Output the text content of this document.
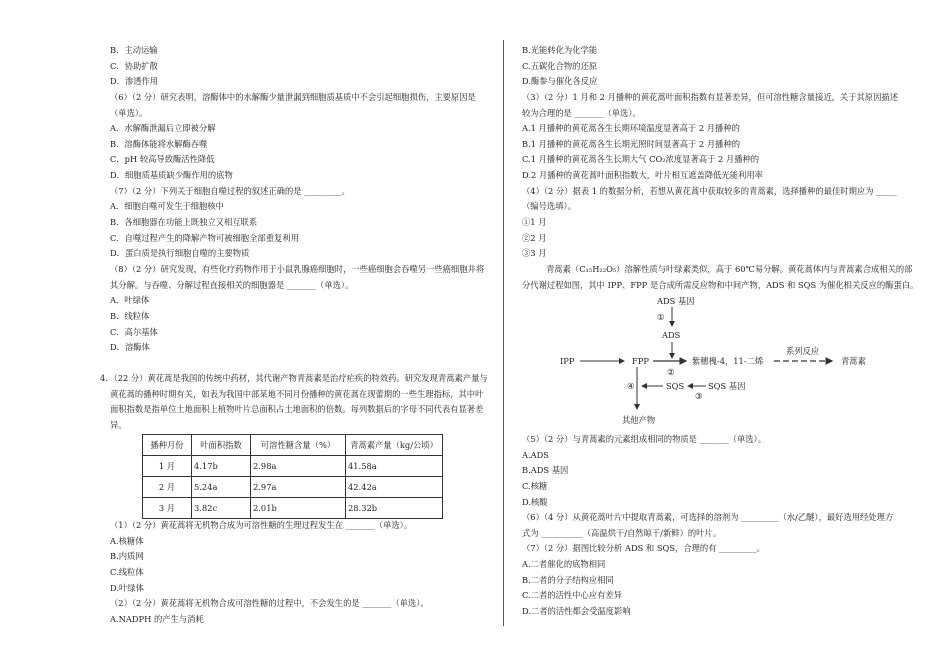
B．主动运输
C．协助扩散
D．渗透作用
（6）（2 分）研究表明，溶酶体中的水解酶少量泄漏到细胞质基质中不会引起细胞损伤，主要原因是
（单选）。
A．水解酶泄漏后立即被分解
B．溶酶体能将水解酶吞噬
C．pH 较高导致酶活性降低
D．细胞质基质缺少酶作用的底物
（7）（2 分）下列关于细胞自噬过程的叙述正确的是 _________。
A．细胞自噬可发生于细胞核中
B．各细胞器在功能上既独立又相互联系
C．自噬过程产生的降解产物可被细胞全部重复利用
D．蛋白质是执行细胞自噬的主要物质
（8）（2 分）研究发现，有些化疗药物作用于小鼠乳腺癌细胞时，一些癌细胞会吞噬另一些癌细胞并将
其分解。与吞噬、分解过程直接相关的细胞器是 _______（单选）。
A．叶绿体
B．线粒体
C．高尔基体
D．溶酶体
4．（22 分）黄花蒿是我国的传统中药材，其代谢产物青蒿素是治疗疟疾的特效药。研究发现青蒿素产量与
黄花蒿的播种时期有关，如表为我国中部某地不同月份播种的黄花蒿在现蕾期的一些生理指标，其中叶
面积指数是指单位土地面积上植物叶片总面积占土地面积的倍数。每列数据后的字母不同代表有显著差
异。
播种月份	叶面积指数	可溶性糖含量（%）	青蒿素产量（kg/公顷）
1 月	4.17b	2.98a	41.58a
2 月	5.24a	2.97a	42.42a
3 月	3.82c	2.01b	28.32b
（1）（2 分）黄花蒿将无机物合成为可溶性糖的生理过程发生在 _______（单选）。
A.核糖体
B.内质网
C.线粒体
D.叶绿体
（2）（2 分）黄花蒿将无机物合成可溶性糖的过程中，不会发生的是 _______（单选）。
A.NADPH 的产生与消耗
B.光能转化为化学能
C.五碳化合物的还原
D.酶参与催化各反应
（3）（2 分）1 月和 2 月播种的黄花蒿叶面积指数有显著差异，但可溶性糖含量接近，关于其原因描述
较为合理的是 _______（单选）。
A.1 月播种的黄花蒿各生长期环境温度显著高于 2 月播种的
B.1 月播种的黄花蒿各生长期光照时间显著高于 2 月播种的
C.1 月播种的黄花蒿各生长期大气 CO₂浓度显著高于 2 月播种的
D.2 月播种的黄花蒿叶面积指数大，叶片相互遮盖降低光能利用率
（4）（2 分）据表 1 的数据分析，若想从黄花蒿中获取较多的青蒿素，选择播种的最佳时期应为 _____
（编号选填）。
①1 月
②2 月
③3 月
青蒿素（C₁₅H₂₂O₅）溶解性质与叶绿素类似，高于 60℃易分解。黄花蒿体内与青蒿素合成相关的部
分代谢过程如图，其中 IPP、FPP 是合成所需反应物和中间产物，ADS 和 SQS 为催化相关反应的酶蛋白。
ADS 基因
①
ADS
IPP	FPP
②
紫穗槐-4，11-二烯
系列反应
青蒿素
④	SQS	SQS 基因
③
其他产物
（5）（2 分）与青蒿素的元素组成相同的物质是 _______（单选）。
A.ADS
B.ADS 基因
C.核糖
D.核酸
（6）（4 分）从黄花蒿叶片中提取青蒿素，可选择的溶剂为 _________（水/乙醚），最好选用经处理方
式为 __________（高温烘干/自然晾干/新鲜）的叶片。
（7）（2 分）据图比较分析 ADS 和 SQS，合理的有 _________。
A.二者催化的底物相同
B.二者的分子结构应相同
C.二者的活性中心应有差异
D.二者的活性都会受温度影响
